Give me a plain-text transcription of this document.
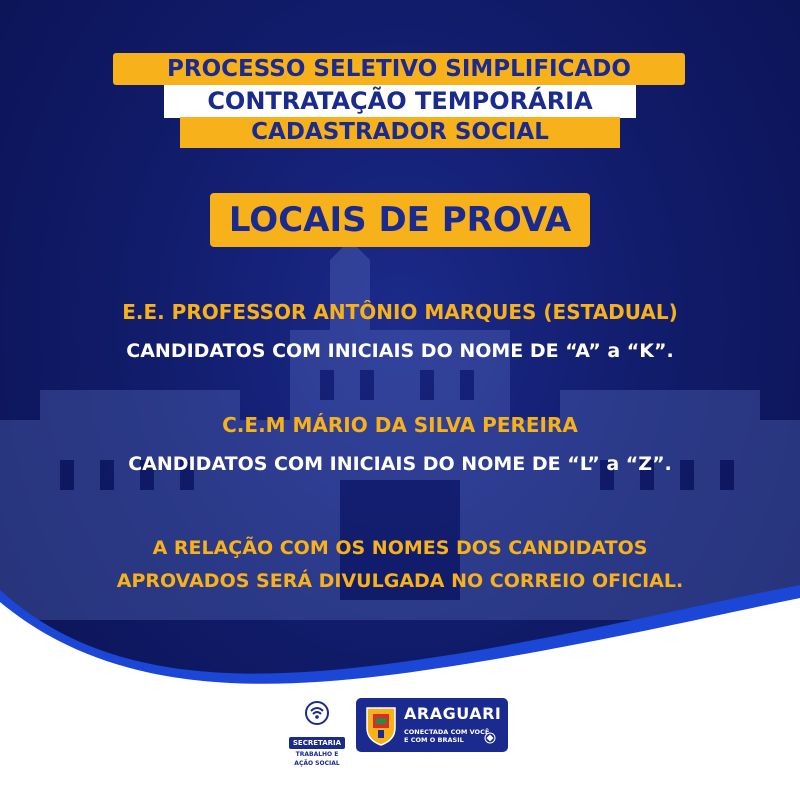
PROCESSO SELETIVO SIMPLIFICADO
CONTRATAÇÃO TEMPORÁRIA
CADASTRADOR SOCIAL
LOCAIS DE PROVA
E.E. PROFESSOR ANTÔNIO MARQUES (ESTADUAL)
CANDIDATOS COM INICIAIS DO NOME DE “A” a “K”.
C.E.M MÁRIO DA SILVA PEREIRA
CANDIDATOS COM INICIAIS DO NOME DE “L” a “Z”.
A RELAÇÃO COM OS NOMES DOS CANDIDATOS
APROVADOS SERÁ DIVULGADA NO CORREIO OFICIAL.
SECRETARIA
TRABALHO E
AÇÃO SOCIAL
ARAGUARI
CONECTADA COM VOCÊ
E COM O BRASIL
